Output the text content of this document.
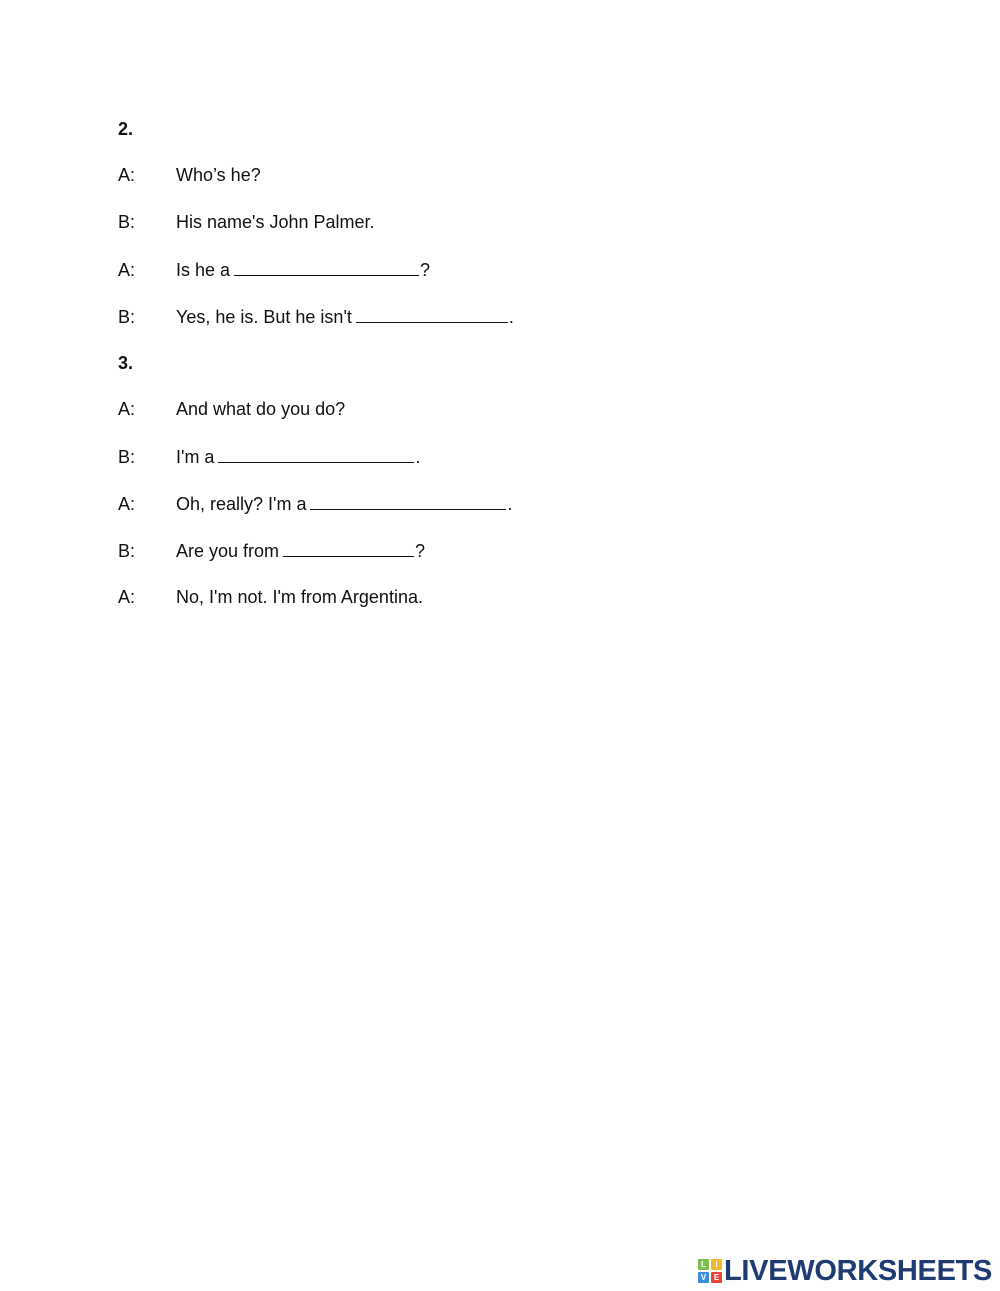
2.
A: Who’s he?
B: His name's John Palmer.
A: Is he a	?
B: Yes, he is. But he isn't	.
3.
A: And what do you do?
B: I'm a	.
A: Oh, really? I'm a	.
B: Are you from	?
A: No, I'm not. I'm from Argentina.
L	I
V E LIVEWORKSHEETS
